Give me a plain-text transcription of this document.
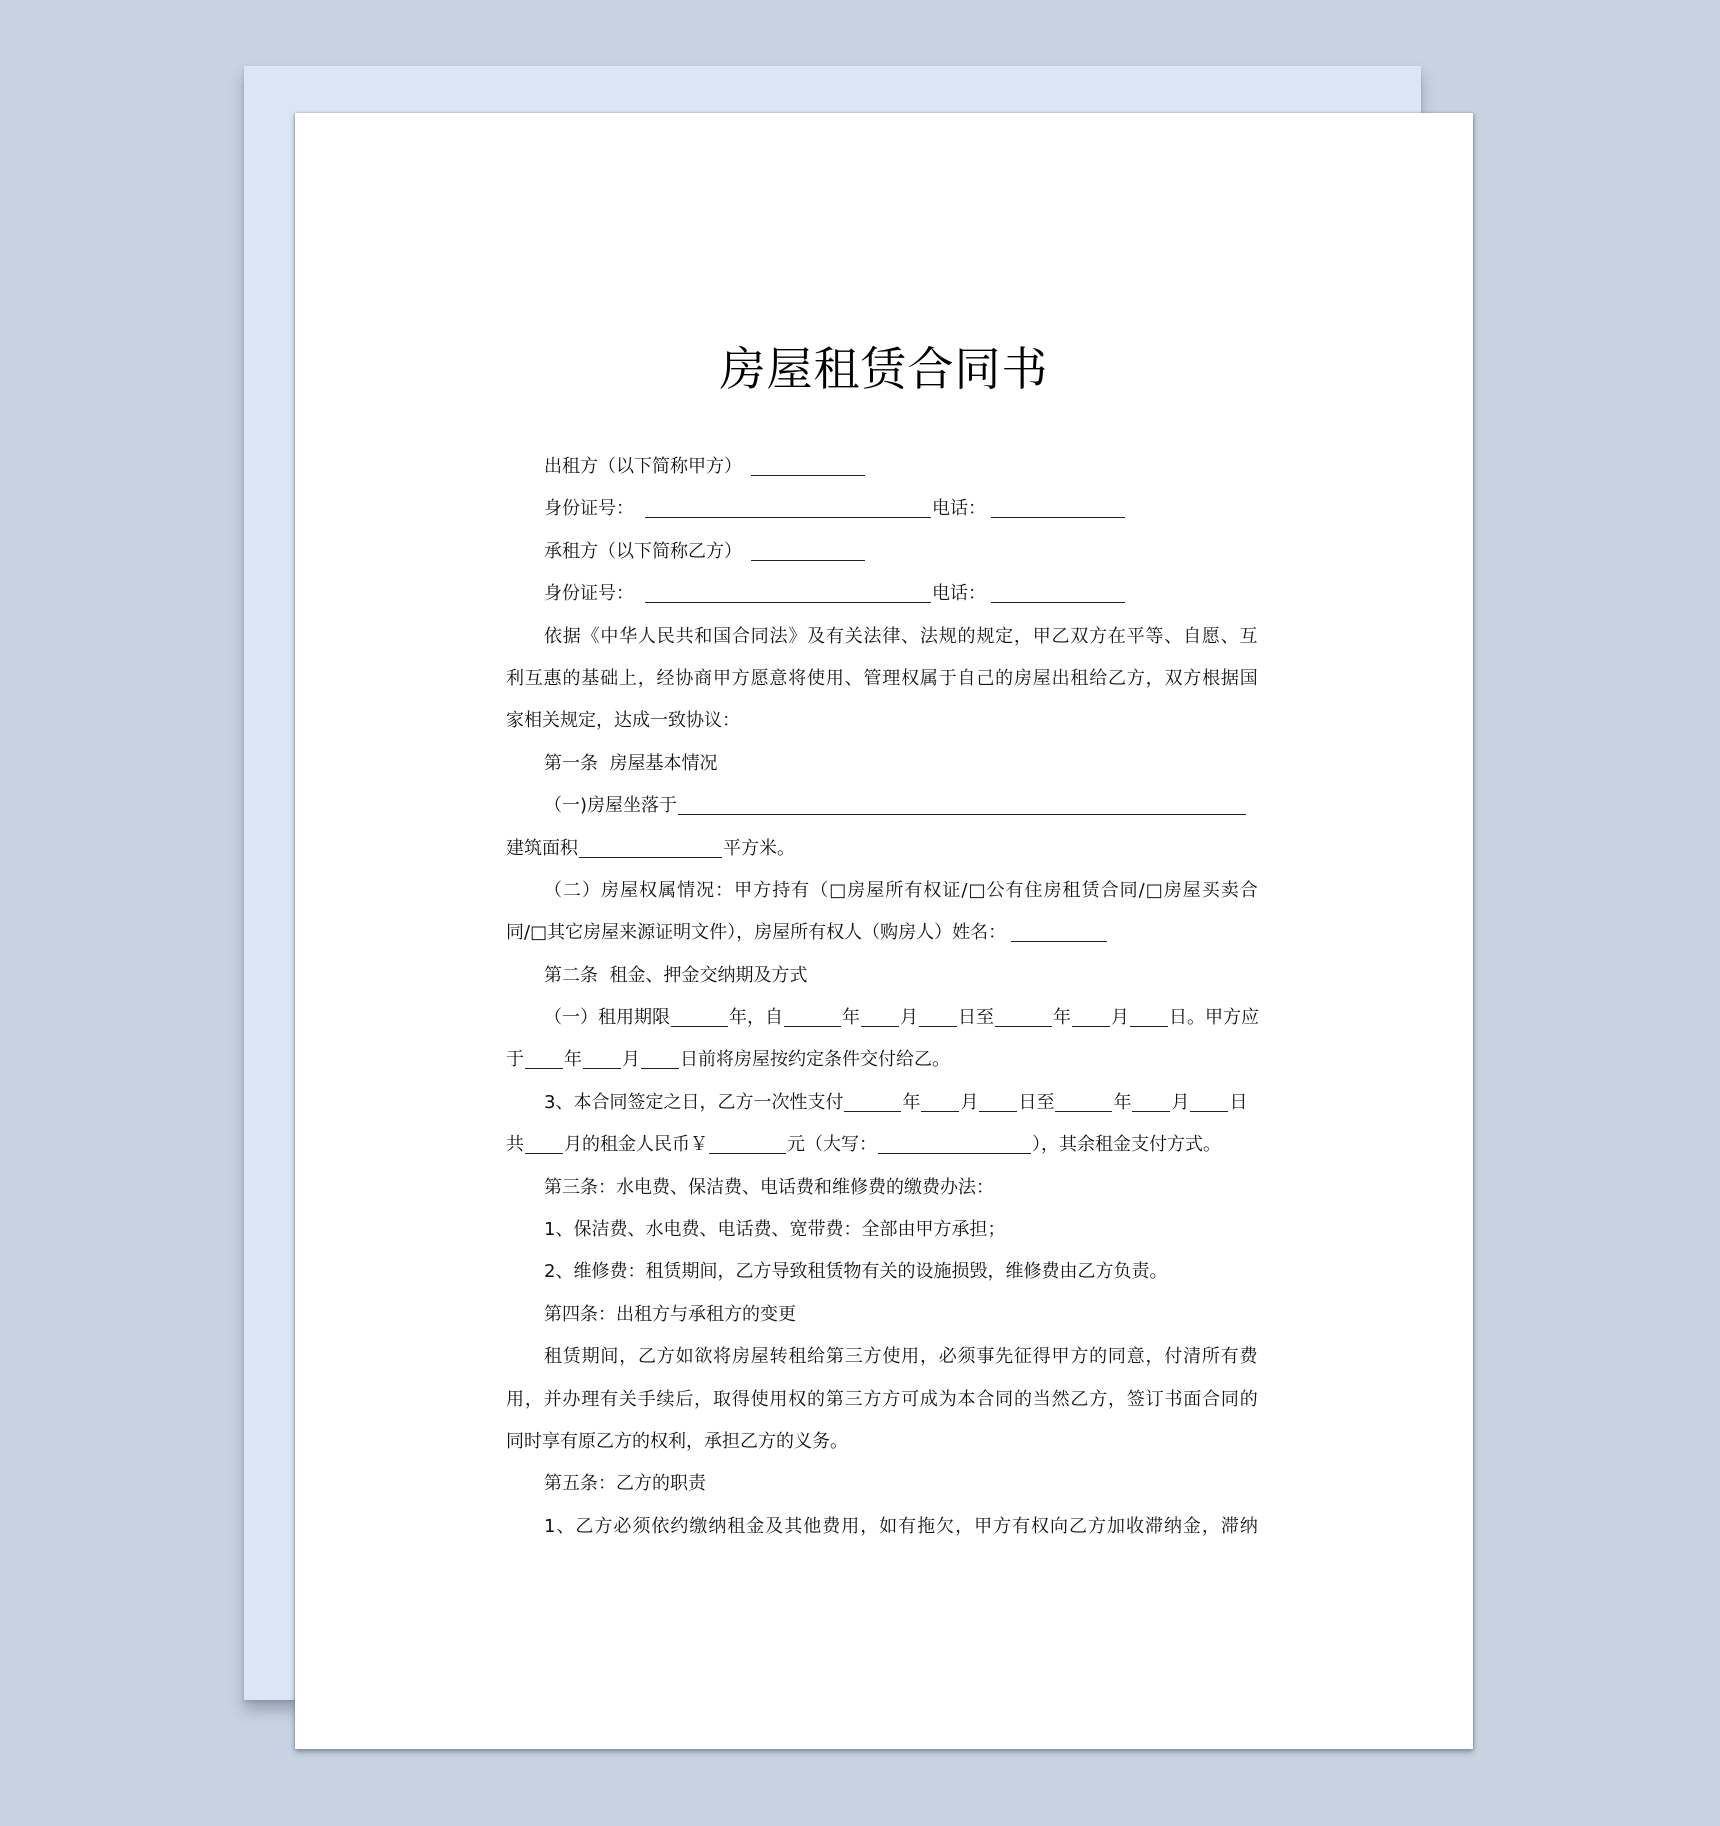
房屋租赁合同书
出租方（以下简称甲方）
身份证号：	电话：
承租方（以下简称乙方）
身份证号：	电话：
依 据 《 中 华 人 民 共 和 国 合 同 法 》 及 有 关 法 律 、 法 规 的 规 定 ， 甲 乙 双 方 在 平 等 、 自 愿 、 互
利 互 惠 的 基 础 上 ， 经 协 商 甲 方 愿 意 将 使 用 、 管 理 权 属 于 自 己 的 房 屋 出 租 给 乙 方 ， 双 方 根 据 国
家相关规定，达成一致协议：
第一条  房屋基本情况
（一)房屋坐落于
建筑面积	平方米。
（ 二 ） 房 屋 权 属 情 况 ： 甲 方 持 有 （ □ 房 屋 所 有 权 证 / □ 公 有 住 房 租 赁 合 同 / □ 房 屋 买 卖 合
同/□其它房屋来源证明文件），房屋所有权人（购房人）姓名：
第二条  租金、押金交纳期及方式
（一）租用期限	年，自	年 月 日至	年 月 日。甲方应
于 年 月 日前将房屋按约定条件交付给乙。
3、本合同签定之日，乙方一次性支付	年 月 日至	年 月 日
共 月的租金人民币￥	元（大写：	），其余租金支付方式。
第三条：水电费、保洁费、电话费和维修费的缴费办法：
1、保洁费、水电费、电话费、宽带费：全部由甲方承担；
2、维修费：租赁期间，乙方导致租赁物有关的设施损毁，维修费由乙方负责。
第四条：出租方与承租方的变更
租 赁 期 间 ， 乙 方 如 欲 将 房 屋 转 租 给 第 三 方 使 用 ， 必 须 事 先 征 得 甲 方 的 同 意 ， 付 清 所 有 费
用 ， 并 办 理 有 关 手 续 后 ， 取 得 使 用 权 的 第 三 方 方 可 成 为 本 合 同 的 当 然 乙 方 ， 签 订 书 面 合 同 的
同时享有原乙方的权利，承担乙方的义务。
第五条：乙方的职责
1 、 乙 方 必 须 依 约 缴 纳 租 金 及 其 他 费 用 ， 如 有 拖 欠 ， 甲 方 有 权 向 乙 方 加 收 滞 纳 金 ， 滞 纳
